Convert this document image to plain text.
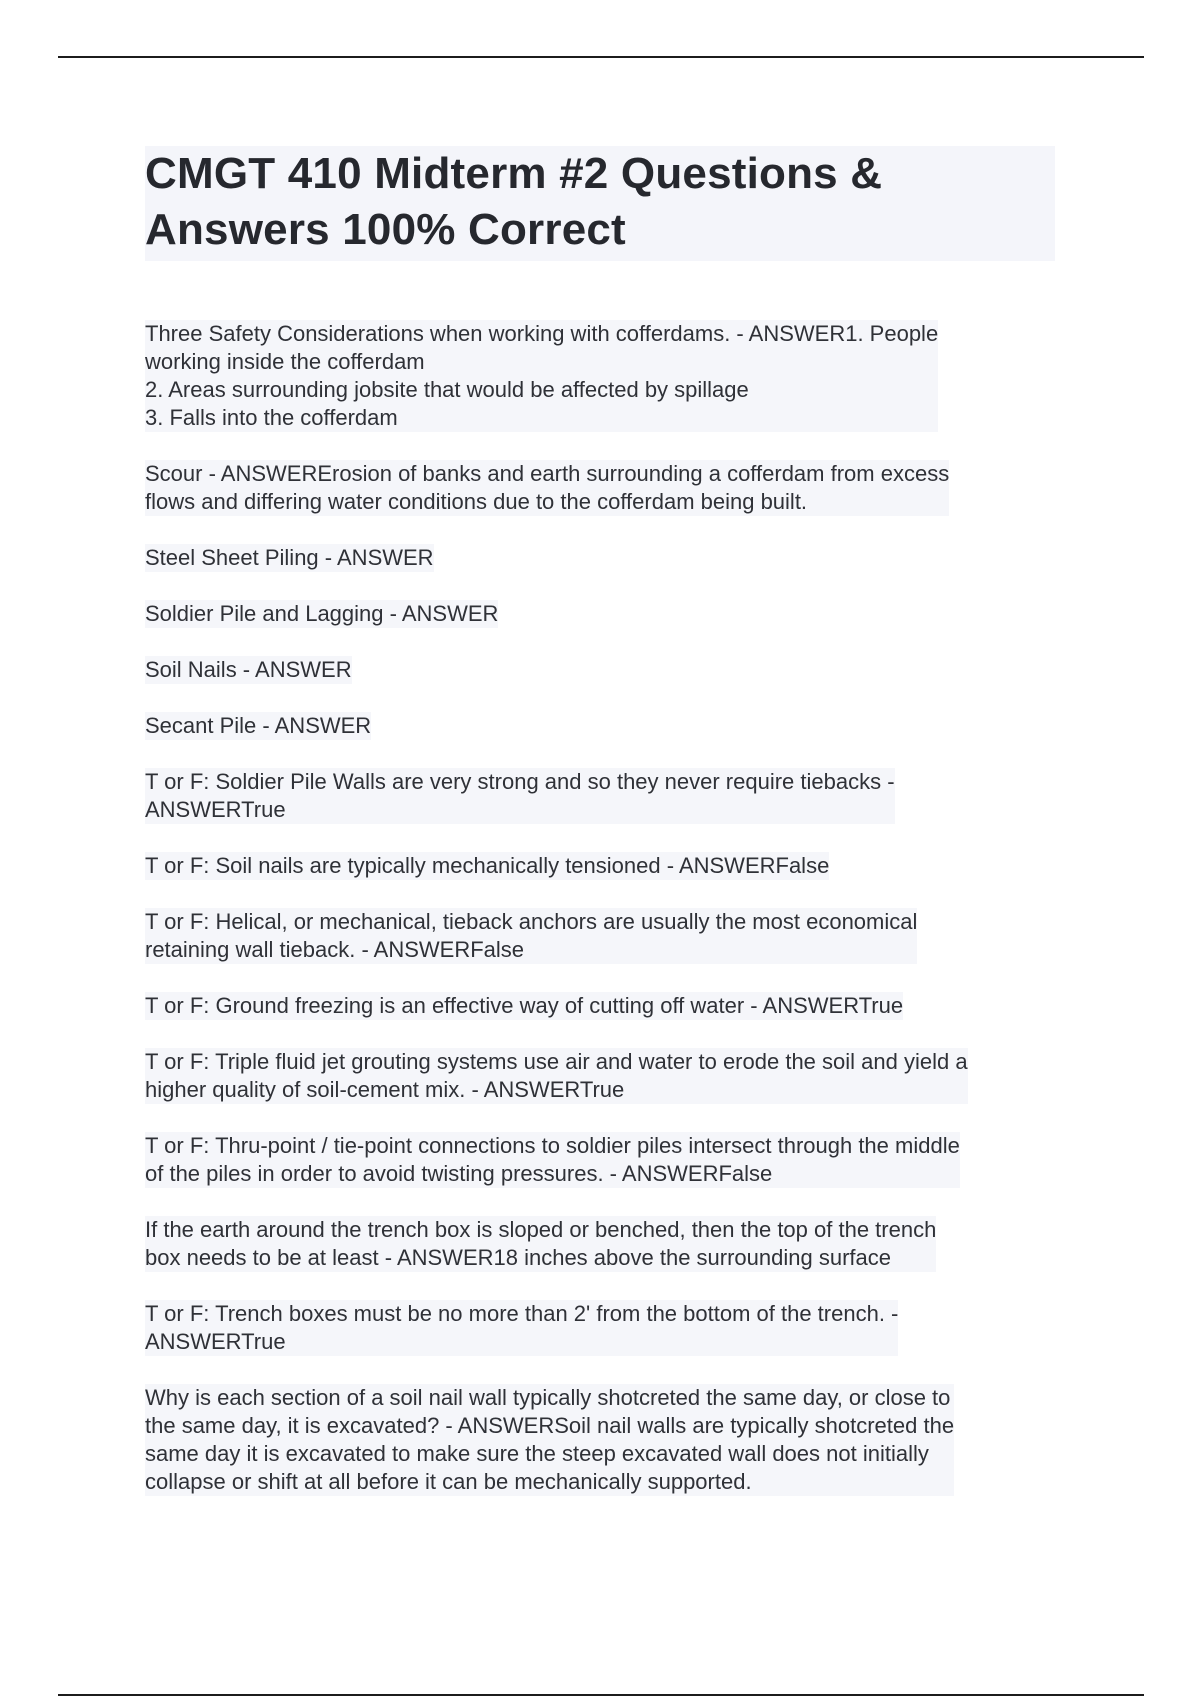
CMGT 410 Midterm #2 Questions & Answers 100% Correct
Three Safety Considerations when working with cofferdams. - ANSWER1. People
working inside the cofferdam
2. Areas surrounding jobsite that would be affected by spillage
3. Falls into the cofferdam
Scour - ANSWERErosion of banks and earth surrounding a cofferdam from excess
flows and differing water conditions due to the cofferdam being built.
Steel Sheet Piling - ANSWER
Soldier Pile and Lagging - ANSWER
Soil Nails - ANSWER
Secant Pile - ANSWER
T or F: Soldier Pile Walls are very strong and so they never require tiebacks -
ANSWERTrue
T or F: Soil nails are typically mechanically tensioned - ANSWERFalse
T or F: Helical, or mechanical, tieback anchors are usually the most economical
retaining wall tieback. - ANSWERFalse
T or F: Ground freezing is an effective way of cutting off water - ANSWERTrue
T or F: Triple fluid jet grouting systems use air and water to erode the soil and yield a
higher quality of soil-cement mix. - ANSWERTrue
T or F: Thru-point / tie-point connections to soldier piles intersect through the middle
of the piles in order to avoid twisting pressures. - ANSWERFalse
If the earth around the trench box is sloped or benched, then the top of the trench
box needs to be at least - ANSWER18 inches above the surrounding surface
T or F: Trench boxes must be no more than 2' from the bottom of the trench. -
ANSWERTrue
Why is each section of a soil nail wall typically shotcreted the same day, or close to
the same day, it is excavated? - ANSWERSoil nail walls are typically shotcreted the
same day it is excavated to make sure the steep excavated wall does not initially
collapse or shift at all before it can be mechanically supported.
